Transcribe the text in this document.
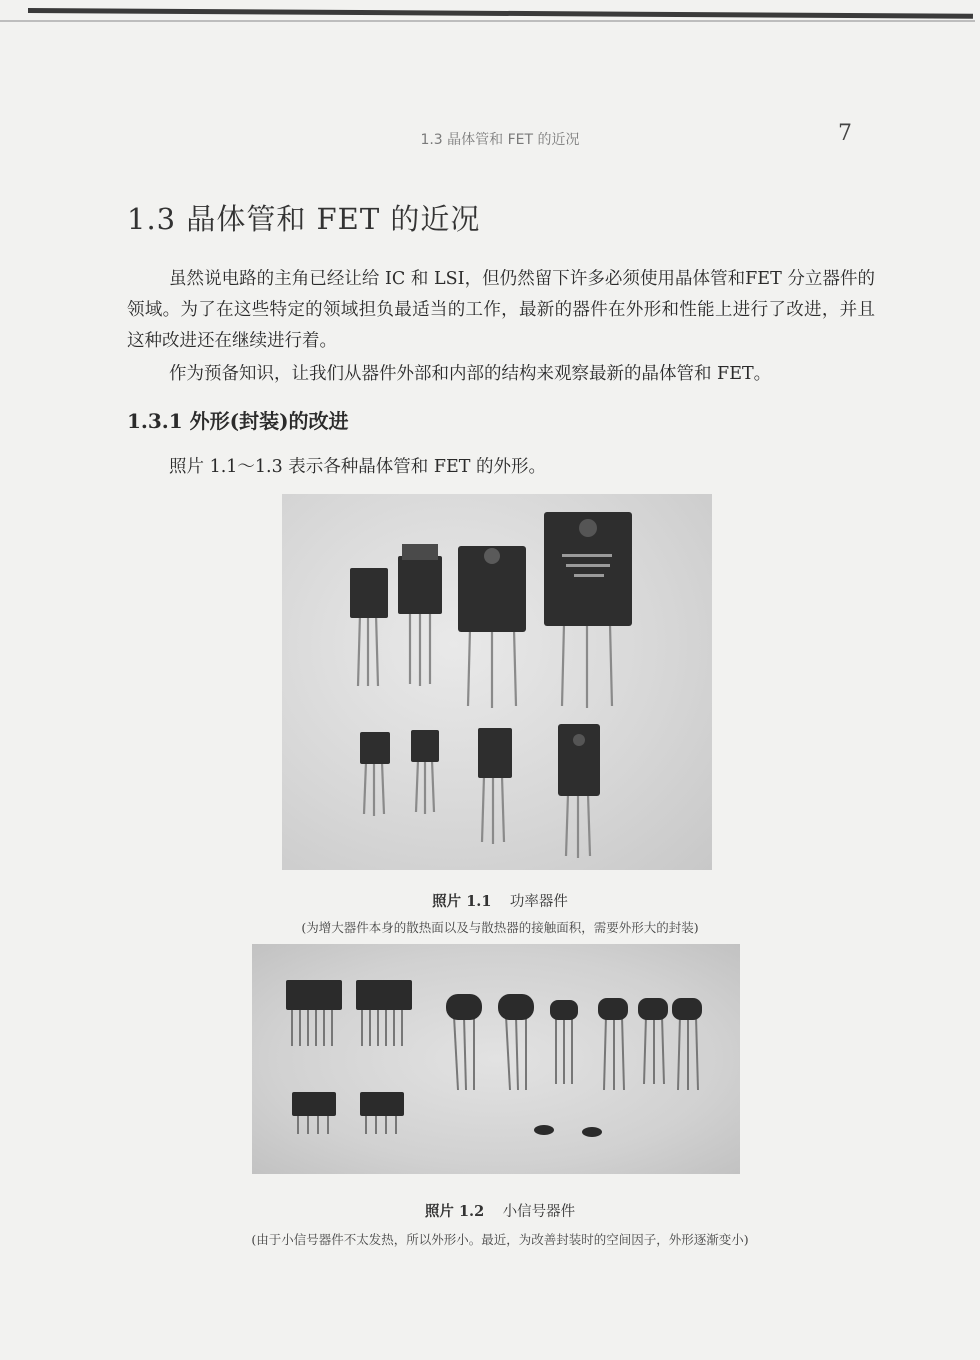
1.3 晶体管和 FET 的近况	7
1.3 晶体管和 FET 的近况
虽然说电路的主角已经让给 IC 和 LSI，但仍然留下许多必须使用晶体管和FET 分立器件的领域。为了在这些特定的领域担负最适当的工作，最新的器件在外形和性能上进行了改进，并且这种改进还在继续进行着。
作为预备知识，让我们从器件外部和内部的结构来观察最新的晶体管和 FET。
1.3.1 外形(封装)的改进
照片 1.1～1.3 表示各种晶体管和 FET 的外形。
照片 1.1 功率器件
(为增大器件本身的散热面以及与散热器的接触面积，需要外形大的封装)
照片 1.2 小信号器件
(由于小信号器件不太发热，所以外形小。最近，为改善封装时的空间因子，外形逐渐变小)
